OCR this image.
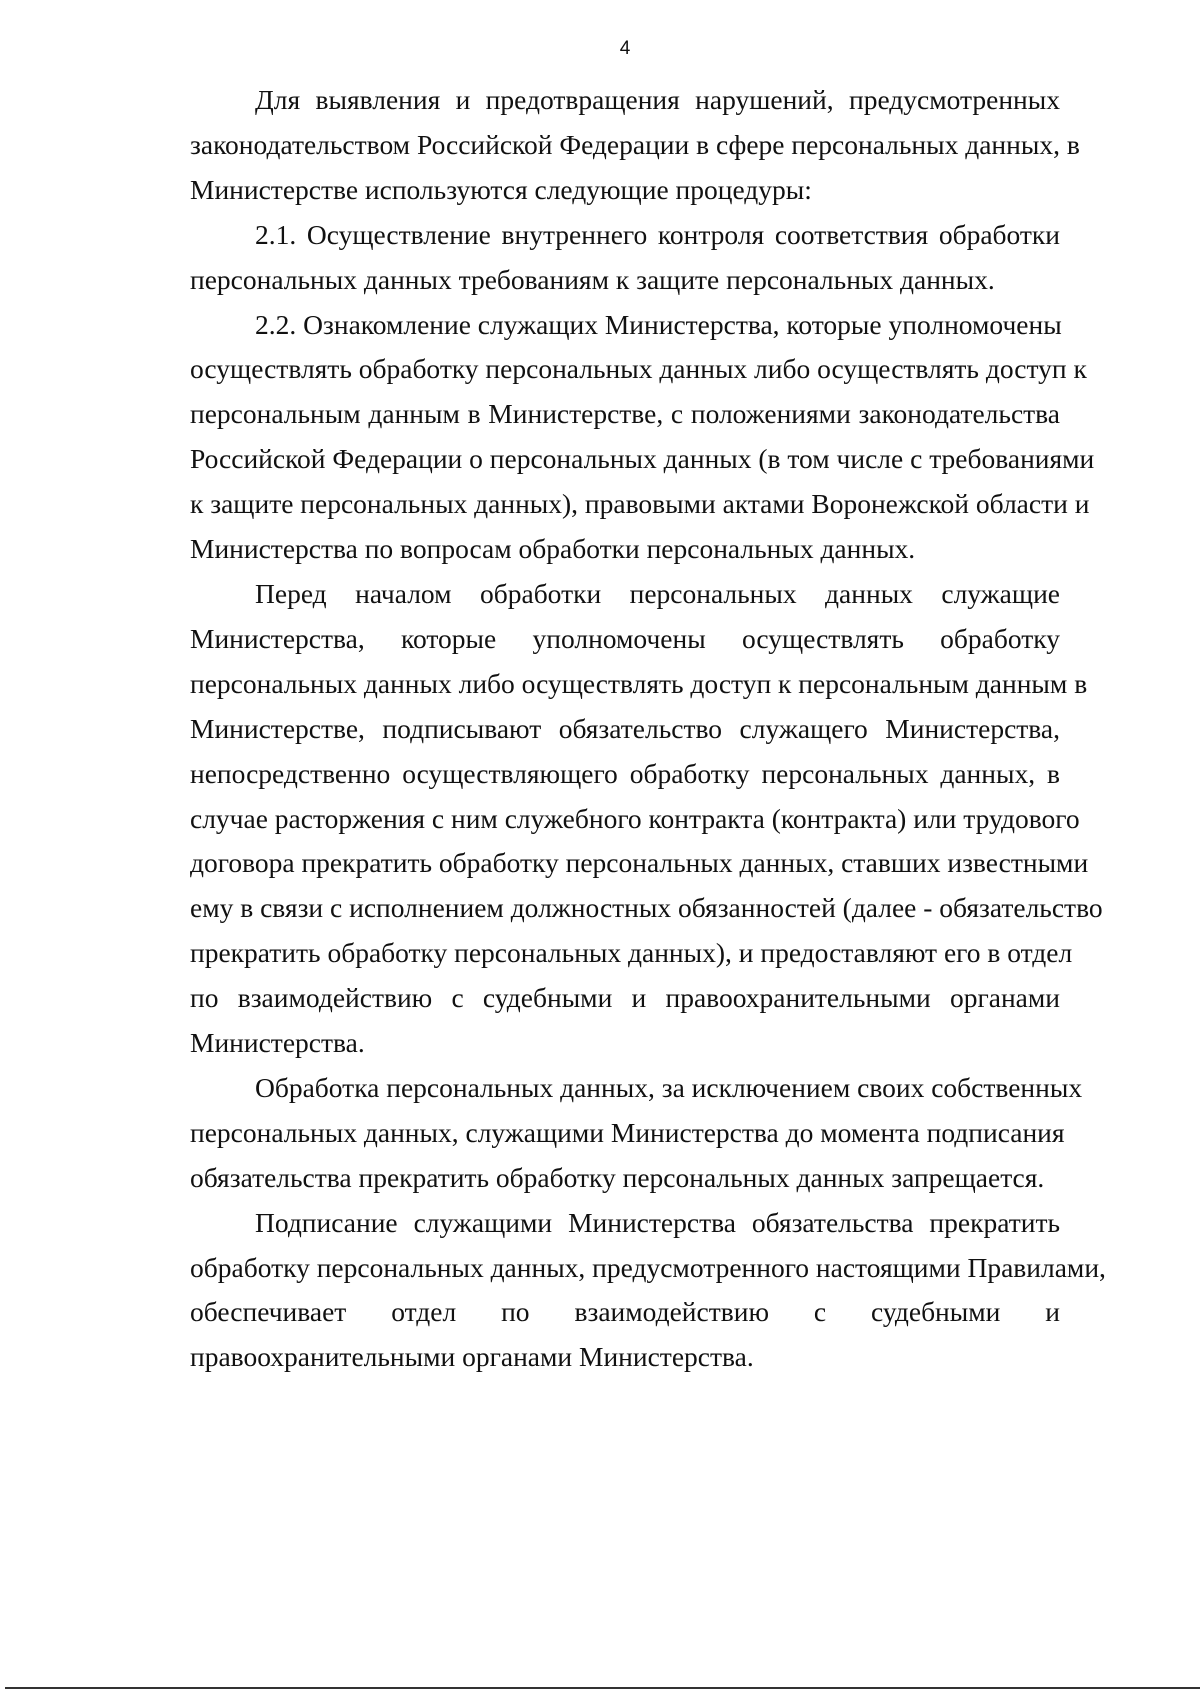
4
Для выявления и предотвращения нарушений, предусмотренных
законодательством Российской Федерации в сфере персональных данных, в
Министерстве используются следующие процедуры:
2.1. Осуществление внутреннего контроля соответствия обработки
персональных данных требованиям к защите персональных данных.
2.2. Ознакомление служащих Министерства, которые уполномочены
осуществлять обработку персональных данных либо осуществлять доступ к
персональным данным в Министерстве, с положениями законодательства
Российской Федерации о персональных данных (в том числе с требованиями
к защите персональных данных), правовыми актами Воронежской области и
Министерства по вопросам обработки персональных данных.
Перед началом обработки персональных данных служащие
Министерства, которые уполномочены осуществлять обработку
персональных данных либо осуществлять доступ к персональным данным в
Министерстве, подписывают обязательство служащего Министерства,
непосредственно осуществляющего обработку персональных данных, в
случае расторжения с ним служебного контракта (контракта) или трудового
договора прекратить обработку персональных данных, ставших известными
ему в связи с исполнением должностных обязанностей (далее - обязательство
прекратить обработку персональных данных), и предоставляют его в отдел
по взаимодействию с судебными и правоохранительными органами
Министерства.
Обработка персональных данных, за исключением своих собственных
персональных данных, служащими Министерства до момента подписания
обязательства прекратить обработку персональных данных запрещается.
Подписание служащими Министерства обязательства прекратить
обработку персональных данных, предусмотренного настоящими Правилами,
обеспечивает отдел по взаимодействию с судебными и
правоохранительными органами Министерства.
